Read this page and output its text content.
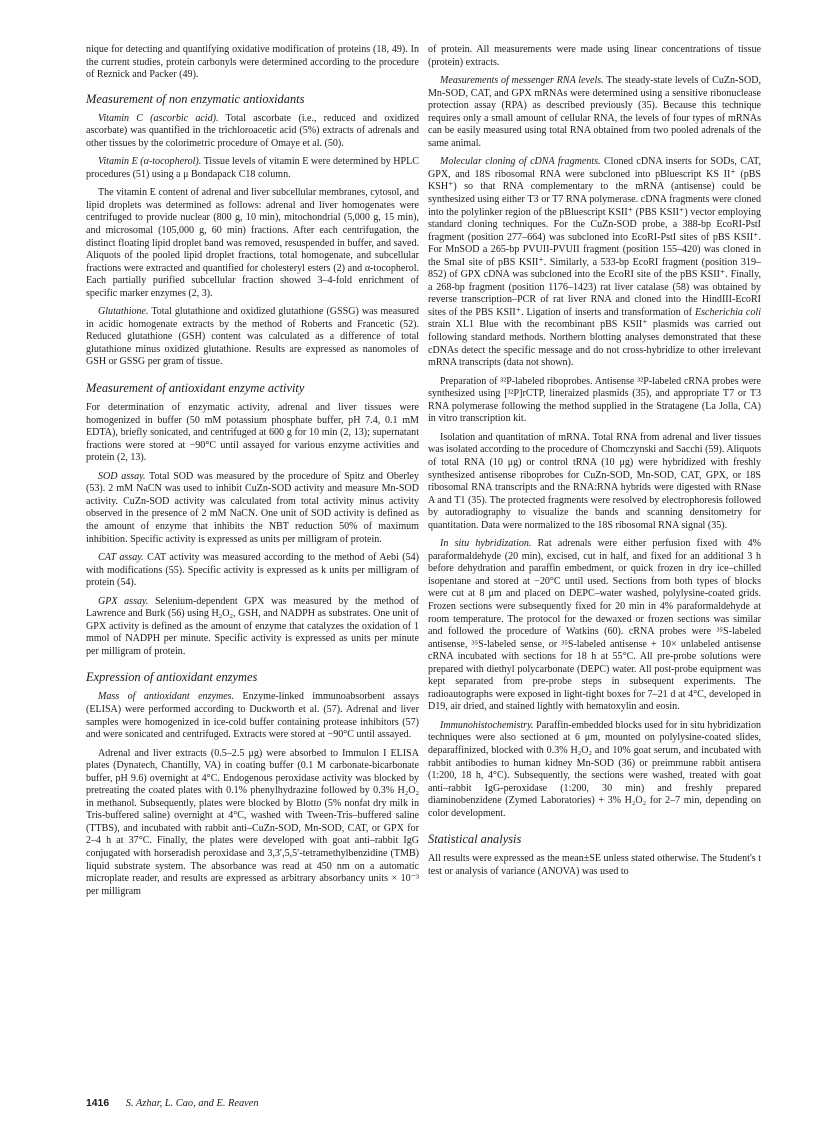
nique for detecting and quantifying oxidative modification of proteins (18, 49). In the current studies, protein carbonyls were determined according to the procedure of Reznick and Packer (49).

Measurement of non enzymatic antioxidants

Vitamin C (ascorbic acid). Total ascorbate (i.e., reduced and oxidized ascorbate) was quantified in the trichloroacetic acid (5%) extracts of adrenals and other tissues by the colorimetric procedure of Omaye et al. (50).

Vitamin E (α-tocopherol). Tissue levels of vitamin E were determined by HPLC procedures (51) using a μ Bondapack C18 column.

The vitamin E content of adrenal and liver subcellular membranes, cytosol, and lipid droplets was determined as follows: adrenal and liver homogenates were centrifuged to provide nuclear (800 g, 10 min), mitochondrial (5,000 g, 15 min), and microsomal (105,000 g, 60 min) fractions. After each centrifugation, the distinct floating lipid droplet band was removed, resuspended in buffer, and saved. Aliquots of the pooled lipid droplet fractions, total homogenate, and subcellular fractions were extracted and quantified for cholesteryl esters (2) and α-tocopherol. Each partially purified subcellular fraction showed 3–4-fold enrichment of specific marker enzymes (2, 3).

Glutathione. Total glutathione and oxidized glutathione (GSSG) was measured in acidic homogenate extracts by the method of Roberts and Francetic (52). Reduced glutathione (GSH) content was calculated as a difference of total glutathione minus oxidized glutathione. Results are expressed as nanomoles of GSH or GSSG per gram of tissue.

Measurement of antioxidant enzyme activity

For determination of enzymatic activity, adrenal and liver tissues were homogenized in buffer (50 mM potassium phosphate buffer, pH 7.4, 0.1 mM EDTA), briefly sonicated, and centrifuged at 600 g for 10 min (2, 13); supernatant fractions were stored at −90°C until assayed for various enzyme activities and protein (2, 13).

SOD assay. Total SOD was measured by the procedure of Spitz and Oberley (53). 2 mM NaCN was used to inhibit CuZn-SOD activity and measure Mn-SOD activity. CuZn-SOD activity was calculated from total activity minus activity observed in the presence of 2 mM NaCN. One unit of SOD activity is defined as the amount of enzyme that inhibits the NBT reduction 50% of maximum inhibition. Specific activity is expressed as units per milligram of protein.

CAT assay. CAT activity was measured according to the method of Aebi (54) with modifications (55). Specific activity is expressed as k units per milligram of protein (54).

GPX assay. Selenium-dependent GPX was measured by the method of Lawrence and Burk (56) using H₂O₂, GSH, and NADPH as substrates. One unit of GPX activity is defined as the amount of enzyme that catalyzes the oxidation of 1 mmol of NADPH per minute. Specific activity is expressed as units per minute per milligram of protein.

Expression of antioxidant enzymes

Mass of antioxidant enzymes. Enzyme-linked immunoabsorbent assays (ELISA) were performed according to Duckworth et al. (57). Adrenal and liver samples were homogenized in ice-cold buffer containing protease inhibitors (57) and were sonicated and centrifuged. Extracts were stored at −90°C until assayed.

Adrenal and liver extracts (0.5–2.5 μg) were absorbed to Immulon I ELISA plates (Dynatech, Chantilly, VA) in coating buffer (0.1 M carbonate-bicarbonate buffer, pH 9.6) overnight at 4°C. Endogenous peroxidase activity was blocked by pretreating the coated plates with 0.1% phenylhydrazine followed by 0.3% H₂O₂ in methanol. Subsequently, plates were blocked by Blotto (5% nonfat dry milk in Tris-buffered saline) overnight at 4°C, washed with Tween-Tris–buffered saline (TTBS), and incubated with rabbit anti–CuZn-SOD, Mn-SOD, CAT, or GPX for 2–4 h at 37°C. Finally, the plates were developed with goat anti–rabbit IgG conjugated with horseradish peroxidase and 3,3′,5,5′-tetramethylbenzidine (TMB) liquid substrate system. The absorbance was read at 450 nm on a automatic microplate reader, and results are expressed as arbitrary absorbancy units × 10⁻³ per milligram

of protein. All measurements were made using linear concentrations of tissue (protein) extracts.

Measurements of messenger RNA levels. The steady-state levels of CuZn-SOD, Mn-SOD, CAT, and GPX mRNAs were determined using a sensitive ribonuclease protection assay (RPA) as described previously (35). Because this technique requires only a small amount of cellular RNA, the levels of four types of mRNAs can be easily measured using total RNA obtained from two pooled adrenals of the same animal.

Molecular cloning of cDNA fragments. Cloned cDNA inserts for SODs, CAT, GPX, and 18S ribosomal RNA were subcloned into pBluescript KS II⁺ (pBS KSH⁺) so that RNA complementary to the mRNA (antisense) could be synthesized using either T3 or T7 RNA polymerase. cDNA fragments were cloned into the polylinker region of the pBluescript KSII⁺ (PBS KSII⁺) vector employing standard cloning techniques. For the CuZn-SOD probe, a 388-bp EcoRI-PstI fragment (position 277–664) was subcloned into EcoRI-PstI sites of pBS KSII⁺. For MnSOD a 265-bp PVUII-PVUII fragment (position 155–420) was cloned in the SmaI site of pBS KSII⁺. Similarly, a 533-bp EcoRI fragment (position 319–852) of GPX cDNA was subcloned into the EcoRI site of the pBS KSII⁺. Finally, a 268-bp fragment (position 1176–1423) rat liver catalase (58) was obtained by reverse transcription–PCR of rat liver RNA and cloned into the HindIII-EcoRI sites of the PBS KSII⁺. Ligation of inserts and transformation of Escherichia coli strain XL1 Blue with the recombinant pBS KSII⁺ plasmids was carried out following standard methods. Northern blotting analyses demonstrated that these cDNAs detect the specific message and do not cross-hybridize to other irrelevant mRNA transcripts (data not shown).

Preparation of ³²P-labeled riboprobes. Antisense ³²P-labeled cRNA probes were synthesized using [³²P]rCTP, lineraized plasmids (35), and appropriate T7 or T3 RNA polymerase following the method supplied in the Stratagene (La Jolla, CA) in vitro transcription kit.

Isolation and quantitation of mRNA. Total RNA from adrenal and liver tissues was isolated according to the procedure of Chomczynski and Sacchi (59). Aliquots of total RNA (10 μg) or control tRNA (10 μg) were hybridized with freshly synthesized antisense riboprobes for CuZn-SOD, Mn-SOD, CAT, GPX, or 18S ribosomal RNA transcripts and the RNA:RNA hybrids were digested with RNase A and T1 (35). The protected fragments were resolved by electrophoresis followed by autoradiography to visualize the bands and scanning densitometry for quantitation. Data were normalized to the 18S ribosomal RNA signal (35).

In situ hybridization. Rat adrenals were either perfusion fixed with 4% paraformaldehyde (20 min), excised, cut in half, and fixed for an additional 3 h before dehydration and paraffin embedment, or quick frozen in dry ice–chilled isopentane and stored at −20°C until used. Sections from both types of blocks were cut at 8 μm and placed on DEPC–water washed, polylysine-coated grids. Frozen sections were subsequently fixed for 20 min in 4% paraformaldehyde at room temperature. The protocol for the dewaxed or frozen sections was similar and followed the procedure of Watkins (60). cRNA probes were ³⁵S-labeled antisense, ³⁵S-labeled sense, or ³⁵S-labeled antisense + 10× unlabeled antisense cRNA incubated with sections for 18 h at 55°C. All pre-probe solutions were prepared with diethyl polycarbonate (DEPC) water. All post-probe equipment was kept separated from pre-probe steps in subsequent experiments. The radioautographs were exposed in light-tight boxes for 7–21 d at 4°C, developed in D19, air dried, and stained lightly with hematoxylin and eosin.

Immunohistochemistry. Paraffin-embedded blocks used for in situ hybridization techniques were also sectioned at 6 μm, mounted on polylysine-coated slides, deparaffinized, blocked with 0.3% H₂O₂ and 10% goat serum, and incubated with rabbit antibodies to human kidney Mn-SOD (36) or preimmune rabbit antisera (1:200, 18 h, 4°C). Subsequently, the sections were washed, treated with goat anti–rabbit IgG-peroxidase (1:200, 30 min) and freshly prepared diaminobenzidene (Zymed Laboratories) + 3% H₂O₂ for 2–7 min, depending on color development.

Statistical analysis

All results were expressed as the mean±SE unless stated otherwise. The Student's t test or analysis of variance (ANOVA) was used to

1416 S. Azhar, L. Cao, and E. Reaven
